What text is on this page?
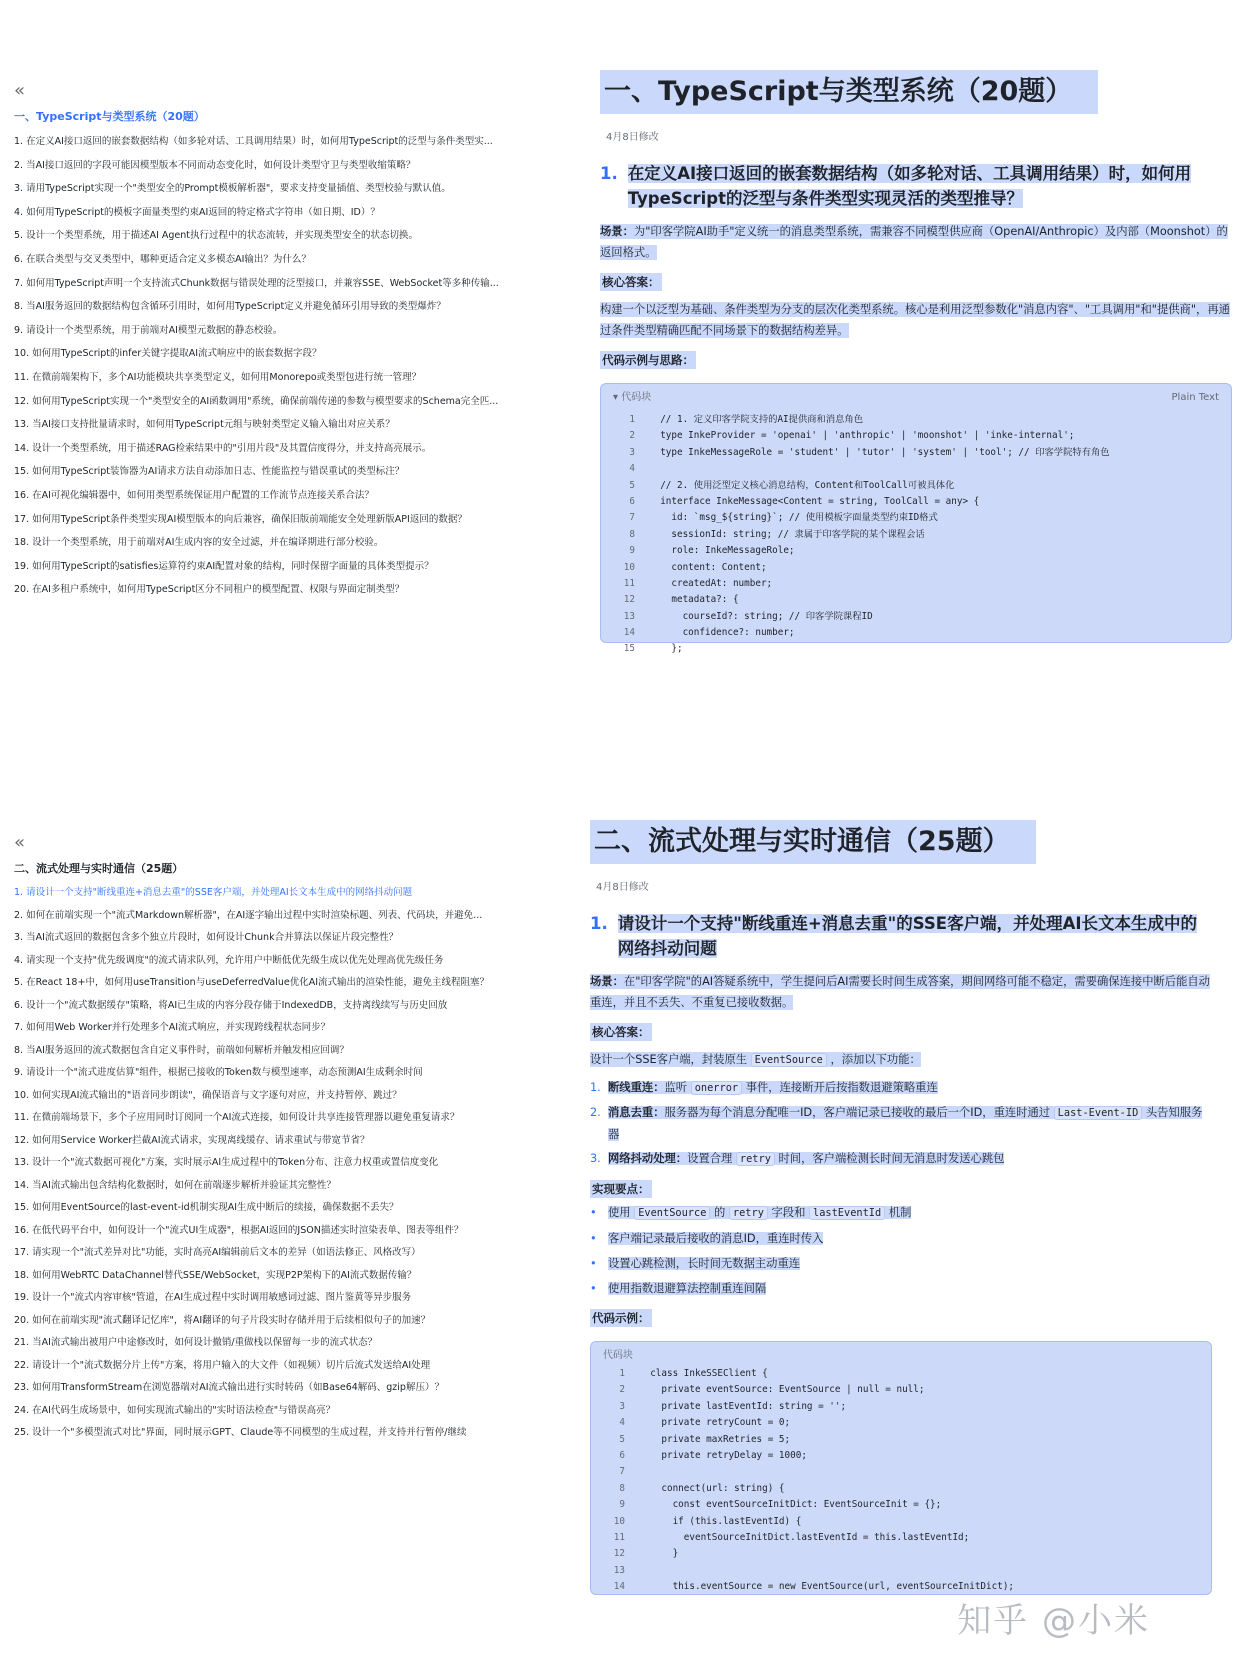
«
一、TypeScript与类型系统（20题）
1. 在定义AI接口返回的嵌套数据结构（如多轮对话、工具调用结果）时，如何用TypeScript的泛型与条件类型实...
2. 当AI接口返回的字段可能因模型版本不同而动态变化时，如何设计类型守卫与类型收缩策略？
3. 请用TypeScript实现一个"类型安全的Prompt模板解析器"，要求支持变量插值、类型校验与默认值。
4. 如何用TypeScript的模板字面量类型约束AI返回的特定格式字符串（如日期、ID）？
5. 设计一个类型系统，用于描述AI Agent执行过程中的状态流转，并实现类型安全的状态切换。
6. 在联合类型与交叉类型中，哪种更适合定义多模态AI输出？为什么？
7. 如何用TypeScript声明一个支持流式Chunk数据与错误处理的泛型接口，并兼容SSE、WebSocket等多种传输...
8. 当AI服务返回的数据结构包含循环引用时，如何用TypeScript定义并避免循环引用导致的类型爆炸？
9. 请设计一个类型系统，用于前端对AI模型元数据的静态校验。
10. 如何用TypeScript的infer关键字提取AI流式响应中的嵌套数据字段？
11. 在微前端架构下，多个AI功能模块共享类型定义，如何用Monorepo或类型包进行统一管理？
12. 如何用TypeScript实现一个"类型安全的AI函数调用"系统，确保前端传递的参数与模型要求的Schema完全匹...
13. 当AI接口支持批量请求时，如何用TypeScript元组与映射类型定义输入输出对应关系？
14. 设计一个类型系统，用于描述RAG检索结果中的"引用片段"及其置信度得分，并支持高亮展示。
15. 如何用TypeScript装饰器为AI请求方法自动添加日志、性能监控与错误重试的类型标注？
16. 在AI可视化编辑器中，如何用类型系统保证用户配置的工作流节点连接关系合法？
17. 如何用TypeScript条件类型实现AI模型版本的向后兼容，确保旧版前端能安全处理新版API返回的数据？
18. 设计一个类型系统，用于前端对AI生成内容的安全过滤，并在编译期进行部分校验。
19. 如何用TypeScript的satisfies运算符约束AI配置对象的结构，同时保留字面量的具体类型提示？
20. 在AI多租户系统中，如何用TypeScript区分不同租户的模型配置、权限与界面定制类型？
一、TypeScript与类型系统（20题）
4月8日修改
1. 在定义AI接口返回的嵌套数据结构（如多轮对话、工具调用结果）时，如何用TypeScript的泛型与条件类型实现灵活的类型推导？
场景：为"印客学院AI助手"定义统一的消息类型系统，需兼容不同模型供应商（OpenAI/Anthropic）及内部（Moonshot）的返回格式。
核心答案：
构建一个以泛型为基础、条件类型为分支的层次化类型系统。核心是利用泛型参数化"消息内容"、"工具调用"和"提供商"，再通过条件类型精确匹配不同场景下的数据结构差异。
代码示例与思路：
▾ 代码块	Plain Text
1	// 1. 定义印客学院支持的AI提供商和消息角色
2	type InkeProvider = 'openai' | 'anthropic' | 'moonshot' | 'inke-internal';
3	type InkeMessageRole = 'student' | 'tutor' | 'system' | 'tool'; // 印客学院特有角色
4
5	// 2. 使用泛型定义核心消息结构，Content和ToolCall可被具体化
6	interface InkeMessage<Content = string, ToolCall = any> {
7	id: `msg_${string}`; // 使用模板字面量类型约束ID格式
8	sessionId: string; // 隶属于印客学院的某个课程会话
9	role: InkeMessageRole;
10	content: Content;
11	createdAt: number;
12	metadata?: {
13	courseId?: string; // 印客学院课程ID
14	confidence?: number;
15	};
«
二、流式处理与实时通信（25题）
1. 请设计一个支持"断线重连+消息去重"的SSE客户端，并处理AI长文本生成中的网络抖动问题
2. 如何在前端实现一个"流式Markdown解析器"，在AI逐字输出过程中实时渲染标题、列表、代码块，并避免...
3. 当AI流式返回的数据包含多个独立片段时，如何设计Chunk合并算法以保证片段完整性？
4. 请实现一个支持"优先级调度"的流式请求队列，允许用户中断低优先级生成以优先处理高优先级任务
5. 在React 18+中，如何用useTransition与useDeferredValue优化AI流式输出的渲染性能，避免主线程阻塞？
6. 设计一个"流式数据缓存"策略，将AI已生成的内容分段存储于IndexedDB，支持离线续写与历史回放
7. 如何用Web Worker并行处理多个AI流式响应，并实现跨线程状态同步？
8. 当AI服务返回的流式数据包含自定义事件时，前端如何解析并触发相应回调？
9. 请设计一个"流式进度估算"组件，根据已接收的Token数与模型速率，动态预测AI生成剩余时间
10. 如何实现AI流式输出的"语音同步朗读"，确保语音与文字逐句对应，并支持暂停、跳过？
11. 在微前端场景下，多个子应用同时订阅同一个AI流式连接，如何设计共享连接管理器以避免重复请求？
12. 如何用Service Worker拦截AI流式请求，实现离线缓存、请求重试与带宽节省？
13. 设计一个"流式数据可视化"方案，实时展示AI生成过程中的Token分布、注意力权重或置信度变化
14. 当AI流式输出包含结构化数据时，如何在前端逐步解析并验证其完整性？
15. 如何用EventSource的last-event-id机制实现AI生成中断后的续接，确保数据不丢失？
16. 在低代码平台中，如何设计一个"流式UI生成器"，根据AI返回的JSON描述实时渲染表单、图表等组件？
17. 请实现一个"流式差异对比"功能，实时高亮AI编辑前后文本的差异（如语法修正、风格改写）
18. 如何用WebRTC DataChannel替代SSE/WebSocket，实现P2P架构下的AI流式数据传输？
19. 设计一个"流式内容审核"管道，在AI生成过程中实时调用敏感词过滤、图片鉴黄等异步服务
20. 如何在前端实现"流式翻译记忆库"，将AI翻译的句子片段实时存储并用于后续相似句子的加速？
21. 当AI流式输出被用户中途修改时，如何设计撤销/重做栈以保留每一步的流式状态？
22. 请设计一个"流式数据分片上传"方案，将用户输入的大文件（如视频）切片后流式发送给AI处理
23. 如何用TransformStream在浏览器端对AI流式输出进行实时转码（如Base64解码、gzip解压）？
24. 在AI代码生成场景中，如何实现流式输出的"实时语法检查"与错误高亮？
25. 设计一个"多模型流式对比"界面，同时展示GPT、Claude等不同模型的生成过程，并支持并行暂停/继续
二、流式处理与实时通信（25题）
4月8日修改
1. 请设计一个支持"断线重连+消息去重"的SSE客户端，并处理AI长文本生成中的网络抖动问题
场景：在"印客学院"的AI答疑系统中，学生提问后AI需要长时间生成答案，期间网络可能不稳定，需要确保连接中断后能自动重连，并且不丢失、不重复已接收数据。
核心答案：
设计一个SSE客户端，封装原生 EventSource ，添加以下功能：
1. 断线重连：监听 onerror 事件，连接断开后按指数退避策略重连
2. 消息去重：服务器为每个消息分配唯一ID，客户端记录已接收的最后一个ID，重连时通过 Last-Event-ID 头告知服务器
3. 网络抖动处理：设置合理 retry 时间，客户端检测长时间无消息时发送心跳包
实现要点：
•	使用 EventSource 的 retry 字段和 lastEventId 机制
•	客户端记录最后接收的消息ID，重连时传入
•	设置心跳检测，长时间无数据主动重连
•	使用指数退避算法控制重连间隔
代码示例：
代码块
1	class InkeSSEClient {
2	private eventSource: EventSource | null = null;
3	private lastEventId: string = '';
4	private retryCount = 0;
5	private maxRetries = 5;
6	private retryDelay = 1000;
7
8	connect(url: string) {
9	const eventSourceInitDict: EventSourceInit = {};
10	if (this.lastEventId) {
11	eventSourceInitDict.lastEventId = this.lastEventId;
12	}
13
14	this.eventSource = new EventSource(url, eventSourceInitDict);
知乎 @小米
